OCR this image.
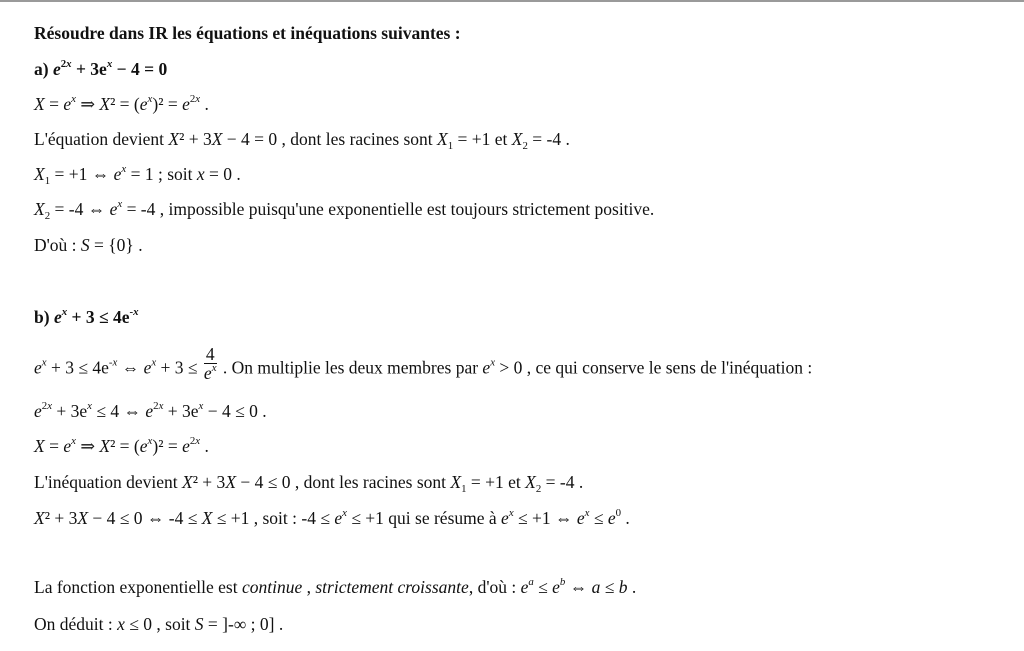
Résoudre dans IR les équations et inéquations suivantes :
a) $e^{2x} + 3e^x - 4 = 0$
$X = e^x$ ⇒ $X^2 = (e^x)^2 = e^{2x}$ .
L'équation devient X² + 3X − 4 = 0 , dont les racines sont $X_1 = +1$ et $X_2 = -4$ .
$X_1 = +1$ ⇔ $e^x = 1$ ; soit x = 0 .
$X_2 = -4$ ⇔ $e^x = -4$ , impossible puisqu'une exponentielle est toujours strictement positive.
D'où : S = {0} .
b) $e^x + 3 \le 4e^{-x}$
$e^x + 3 \le 4e^{-x}$ ⇔ $e^x + 3 \le \frac{4}{e^x}$ . On multiplie les deux membres par $e^x > 0$ , ce qui conserve le sens de l'inéquation :
$e^{2x} + 3e^x \le 4$ ⇔ $e^{2x} + 3e^x - 4 \le 0$ .
$X = e^x$ ⇒ $X^2 = (e^x)^2 = e^{2x}$ .
L'inéquation devient X² + 3X − 4 ≤ 0 , dont les racines sont $X_1 = +1$ et $X_2 = -4$ .
X² + 3X − 4 ≤ 0 ⇔ -4 ≤ X ≤ +1 , soit : $-4 \le e^x \le +1$ qui se résume à $e^x \le +1$ ⇔ $e^x \le e^0$ .
La fonction exponentielle est continue , strictement croissante, d'où : $e^a \le e^b$ ⇔ a ≤ b .
On déduit : x ≤ 0 , soit S = ]-∞ ; 0] .
